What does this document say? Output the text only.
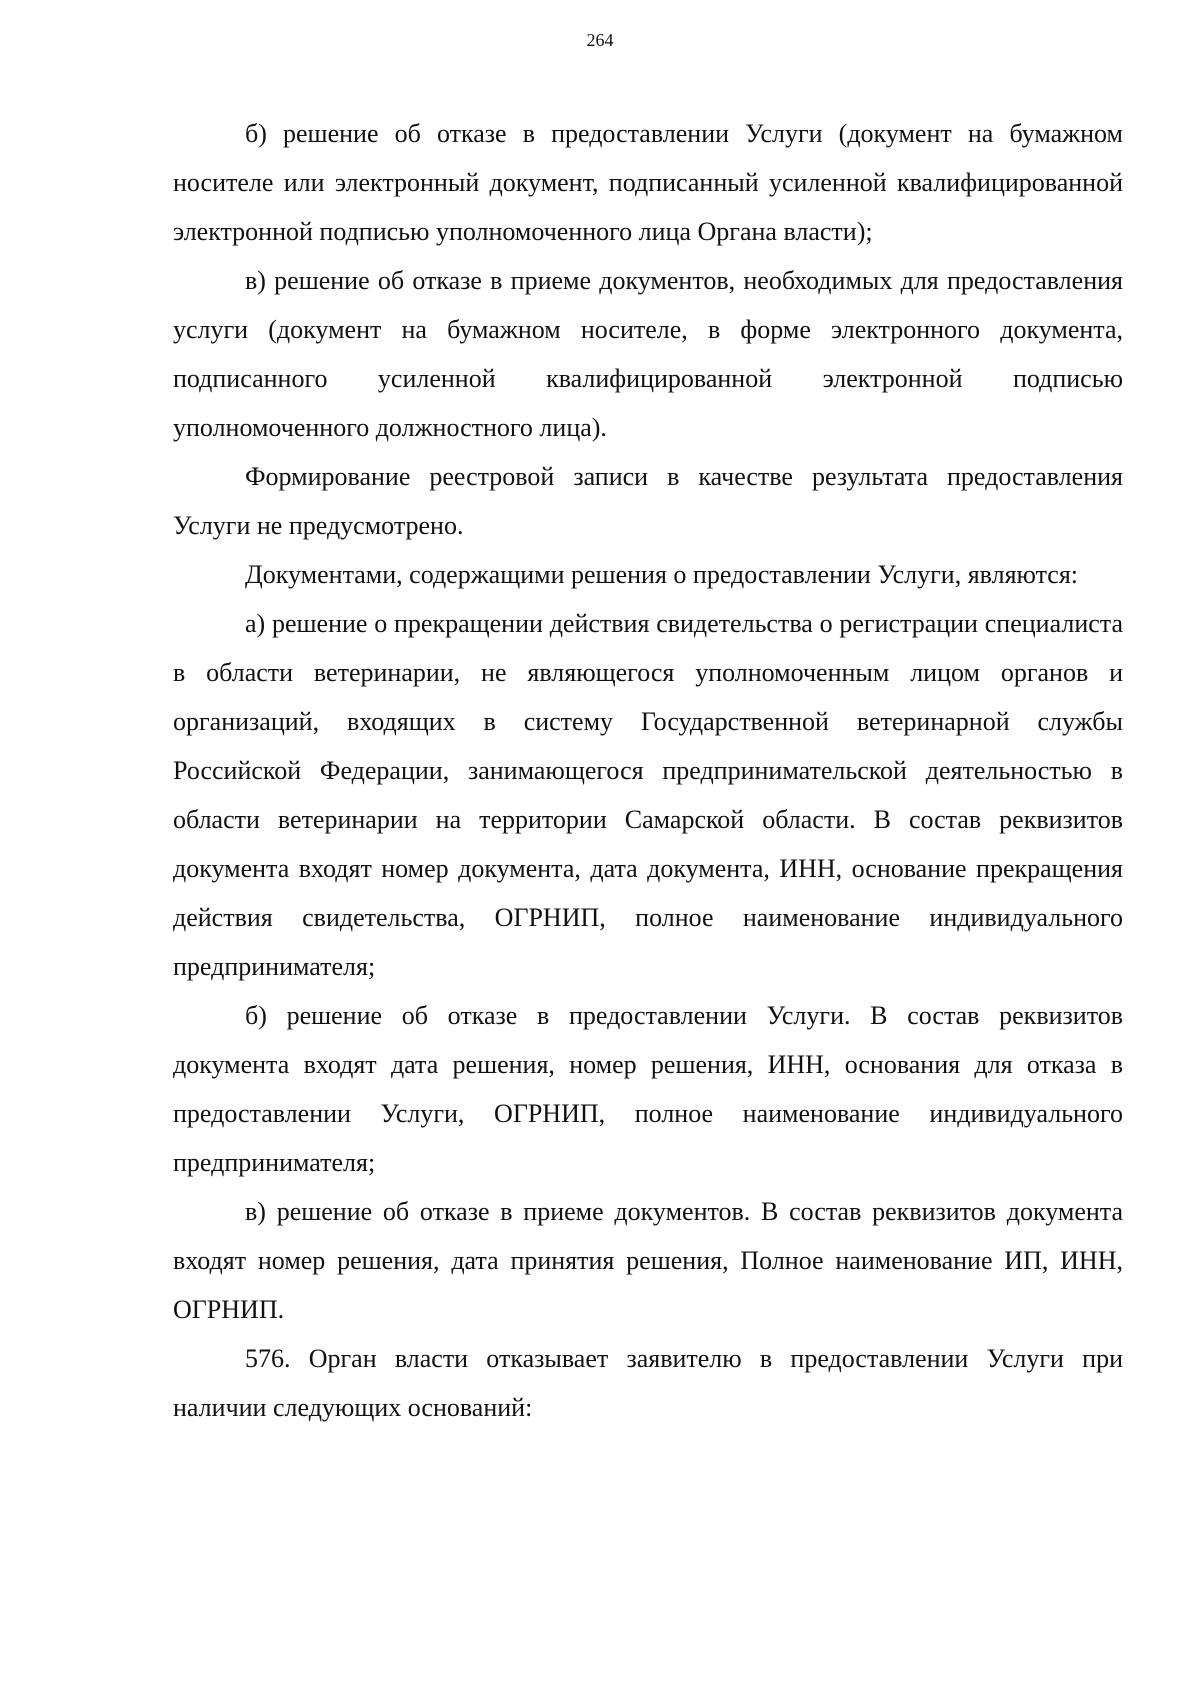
264

б) решение об отказе в предоставлении Услуги (документ на бумажном носителе или электронный документ, подписанный усиленной квалифицированной электронной подписью уполномоченного лица Органа власти);

в) решение об отказе в приеме документов, необходимых для предоставления услуги (документ на бумажном носителе, в форме электронного документа, подписанного усиленной квалифицированной электронной подписью уполномоченного должностного лица).

Формирование реестровой записи в качестве результата предоставления Услуги не предусмотрено.

Документами, содержащими решения о предоставлении Услуги, являются:

а) решение о прекращении действия свидетельства о регистрации специалиста в области ветеринарии, не являющегося уполномоченным лицом органов и организаций, входящих в систему Государственной ветеринарной службы Российской Федерации, занимающегося предпринимательской деятельностью в области ветеринарии на территории Самарской области. В состав реквизитов документа входят номер документа, дата документа, ИНН, основание прекращения действия свидетельства, ОГРНИП, полное наименование индивидуального предпринимателя;

б) решение об отказе в предоставлении Услуги. В состав реквизитов документа входят дата решения, номер решения, ИНН, основания для отказа в предоставлении Услуги, ОГРНИП, полное наименование индивидуального предпринимателя;

в) решение об отказе в приеме документов. В состав реквизитов документа входят номер решения, дата принятия решения, Полное наименование ИП, ИНН, ОГРНИП.

576. Орган власти отказывает заявителю в предоставлении Услуги при наличии следующих оснований:
